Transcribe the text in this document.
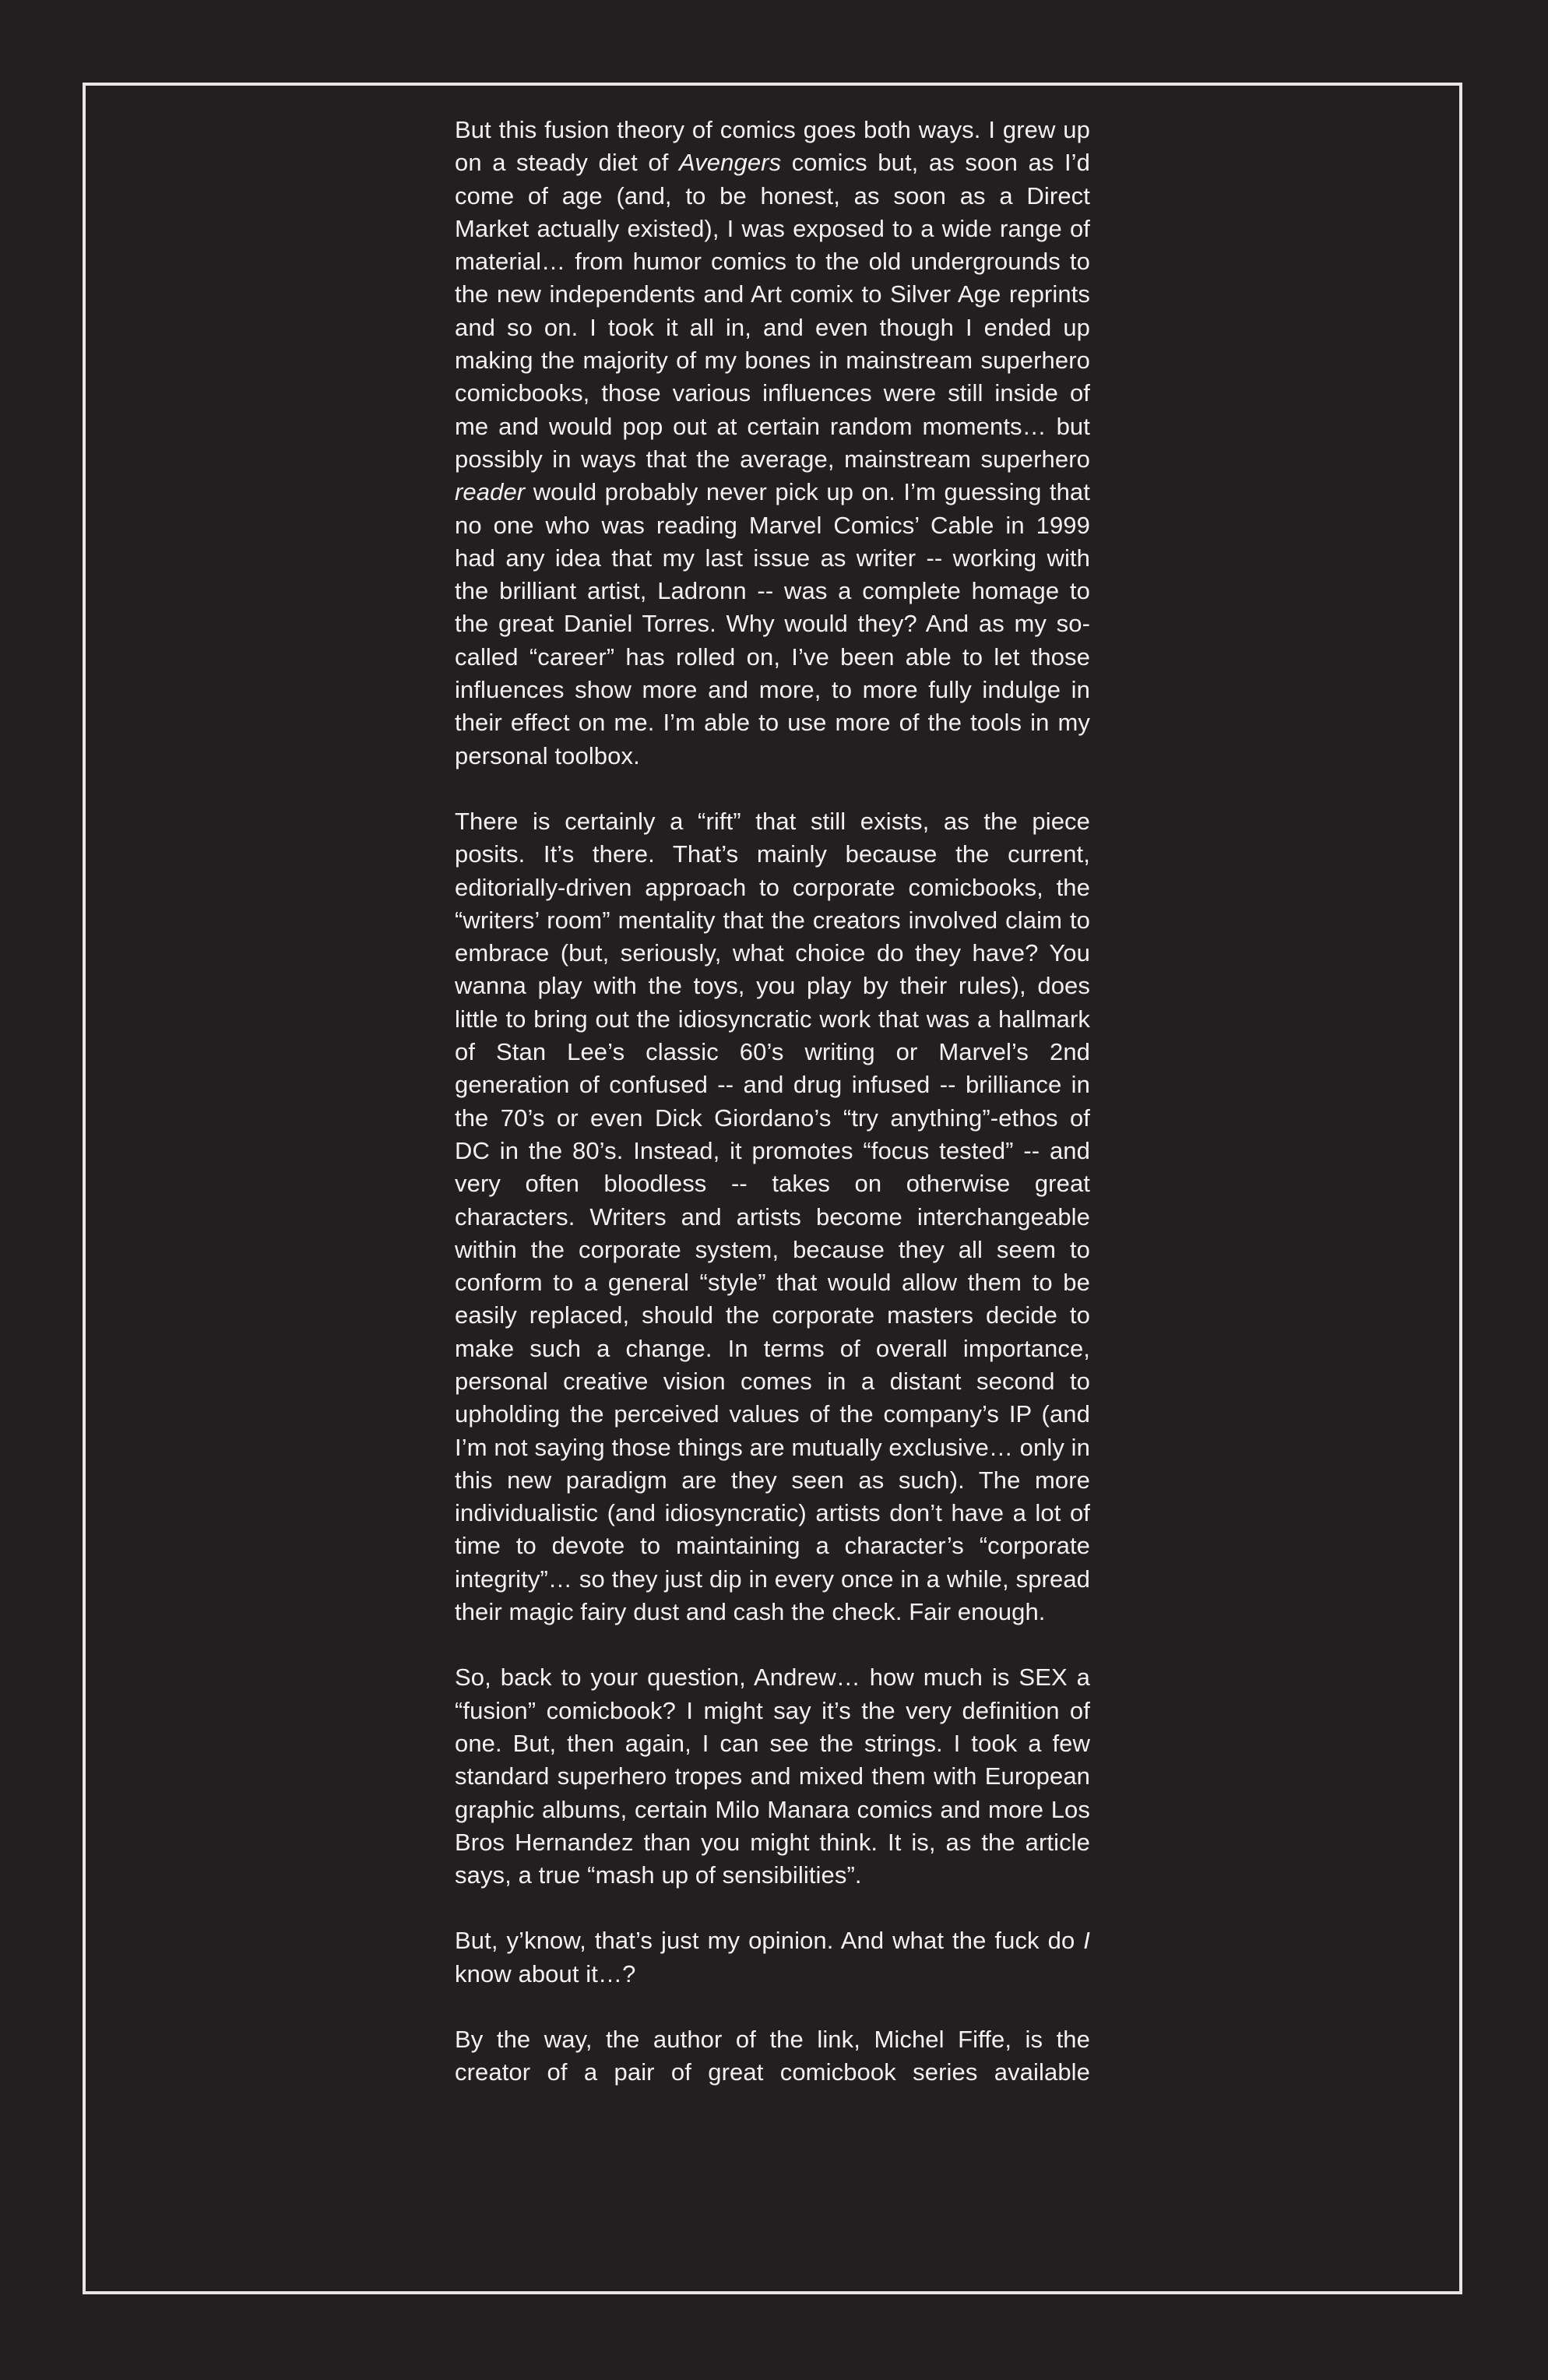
But this fusion theory of comics goes both ways. I grew up on a steady diet of Avengers comics but, as soon as I’d come of age (and, to be honest, as soon as a Direct Market actually existed), I was exposed to a wide range of material… from humor comics to the old undergrounds to the new independents and Art comix to Silver Age reprints and so on. I took it all in, and even though I ended up making the majority of my bones in mainstream superhero comicbooks, those various influences were still inside of me and would pop out at certain random moments… but possibly in ways that the average, mainstream superhero reader would probably never pick up on. I’m guessing that no one who was reading Marvel Comics’ Cable in 1999 had any idea that my last issue as writer -- working with the brilliant artist, Ladronn -- was a complete homage to the great Daniel Torres. Why would they? And as my so-called “career” has rolled on, I’ve been able to let those influences show more and more, to more fully indulge in their effect on me. I’m able to use more of the tools in my personal toolbox.

There is certainly a “rift” that still exists, as the piece posits. It’s there. That’s mainly because the current, editorially-driven approach to corporate comicbooks, the “writers’ room” mentality that the creators involved claim to embrace (but, seriously, what choice do they have? You wanna play with the toys, you play by their rules), does little to bring out the idiosyncratic work that was a hallmark of Stan Lee’s classic 60’s writing or Marvel’s 2nd generation of confused -- and drug infused -- brilliance in the 70’s or even Dick Giordano’s “try anything”-ethos of DC in the 80’s. Instead, it promotes “focus tested” -- and very often bloodless -- takes on otherwise great characters. Writers and artists become interchangeable within the corporate system, because they all seem to conform to a general “style” that would allow them to be easily replaced, should the corporate masters decide to make such a change. In terms of overall importance, personal creative vision comes in a distant second to upholding the perceived values of the company’s IP (and I’m not saying those things are mutually exclusive… only in this new paradigm are they seen as such). The more individualistic (and idiosyncratic) artists don’t have a lot of time to devote to maintaining a character’s “corporate integrity”… so they just dip in every once in a while, spread their magic fairy dust and cash the check. Fair enough.

So, back to your question, Andrew… how much is SEX a “fusion” comicbook? I might say it’s the very definition of one. But, then again, I can see the strings. I took a few standard superhero tropes and mixed them with European graphic albums, certain Milo Manara comics and more Los Bros Hernandez than you might think. It is, as the article says, a true “mash up of sensibilities”.

But, y’know, that’s just my opinion. And what the fuck do I know about it…?

By the way, the author of the link, Michel Fiffe, is the creator of a pair of great comicbook series available
